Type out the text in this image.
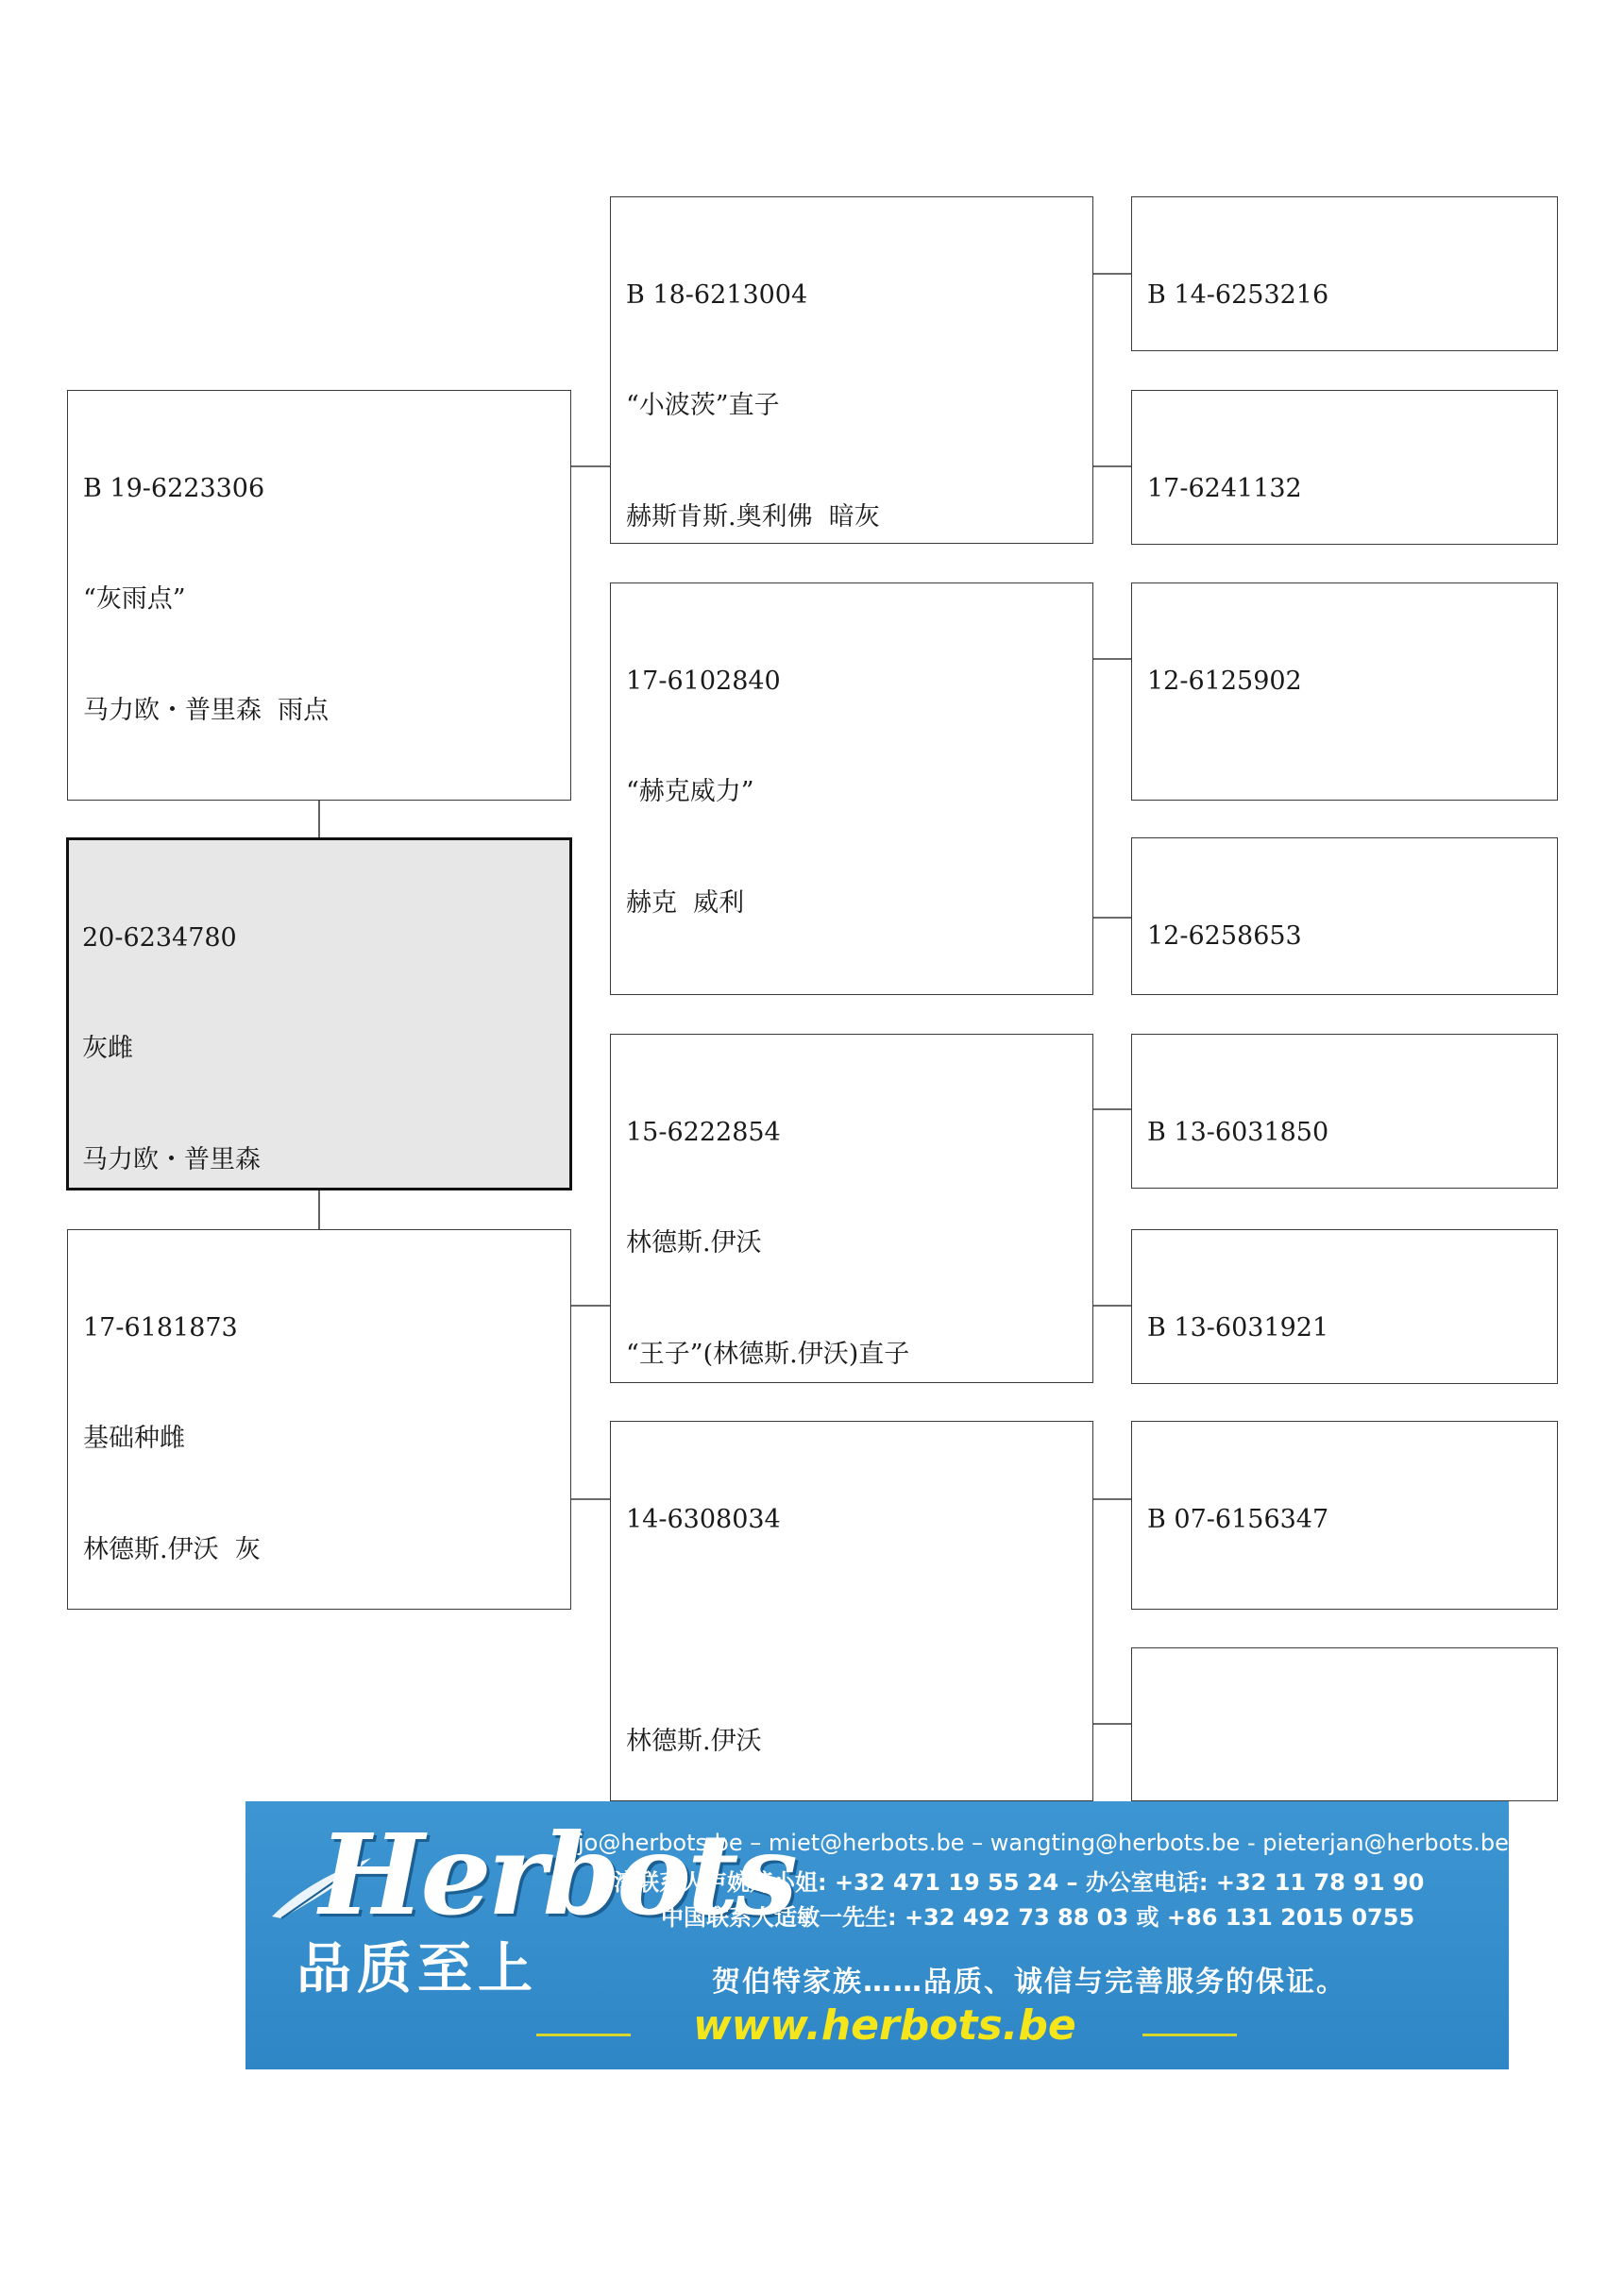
B 19-6223306

“灰雨点”

马力欧・普里森  雨点

20-6234780

灰雌

马力欧・普里森

17-6181873

基础种雌

林德斯.伊沃  灰

B 18-6213004

“小波茨”直子

赫斯肯斯.奥利佛  暗灰

17-6102840

“赫克威力”

赫克  威利

15-6222854

林德斯.伊沃

“王子”(林德斯.伊沃)直子

14-6308034

林德斯.伊沃

B 14-6253216

17-6241132

12-6125902

12-6258653

B 13-6031850

B 13-6031921

B 07-6156347

Herbots
品质至上
jo@herbots.be – miet@herbots.be – wangting@herbots.be - pieterjan@herbots.be
台湾联系人卢婉婷小姐: +32 471 19 55 24 – 办公室电话: +32 11 78 91 90
中国联系人适敏一先生: +32 492 73 88 03 或 +86 131 2015 0755
贺伯特家族……品质、诚信与完善服务的保证。
www.herbots.be
